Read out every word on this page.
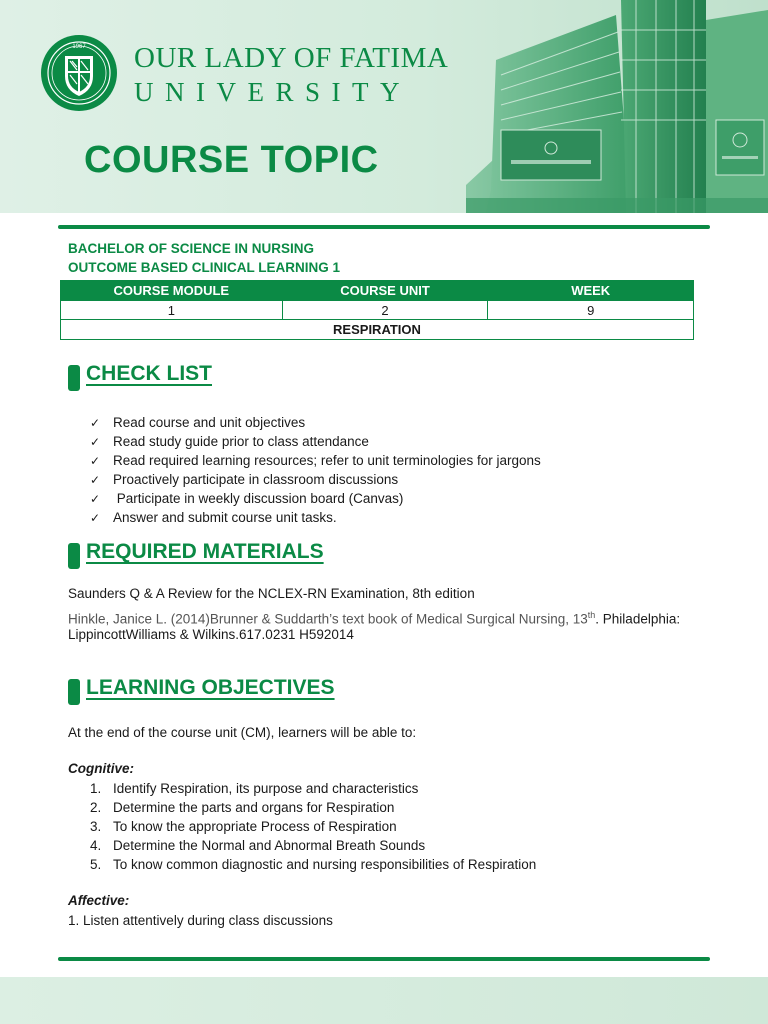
1967 OUR LADY OF FATIMA
UNIVERSITY
COURSE TOPIC
BACHELOR OF SCIENCE IN NURSING
OUTCOME BASED CLINICAL LEARNING 1
COURSE MODULE	COURSE UNIT	WEEK
1	2	9
RESPIRATION		
CHECK LIST
✓ Read course and unit objectives
✓ Read study guide prior to class attendance
✓ Read required learning resources; refer to unit terminologies for jargons
✓ Proactively participate in classroom discussions
✓ Participate in weekly discussion board (Canvas)
✓ Answer and submit course unit tasks.
REQUIRED MATERIALS
Saunders Q & A Review for the NCLEX-RN Examination, 8th edition
Hinkle, Janice L. (2014)Brunner & Suddarth’s text book of Medical Surgical Nursing, 13th. Philadelphia:
LippincottWilliams & Wilkins.617.0231 H592014
LEARNING OBJECTIVES
At the end of the course unit (CM), learners will be able to:
Cognitive:
1. Identify Respiration, its purpose and characteristics
2. Determine the parts and organs for Respiration
3. To know the appropriate Process of Respiration
4. Determine the Normal and Abnormal Breath Sounds
5. To know common diagnostic and nursing responsibilities of Respiration
Affective:
1. Listen attentively during class discussions
